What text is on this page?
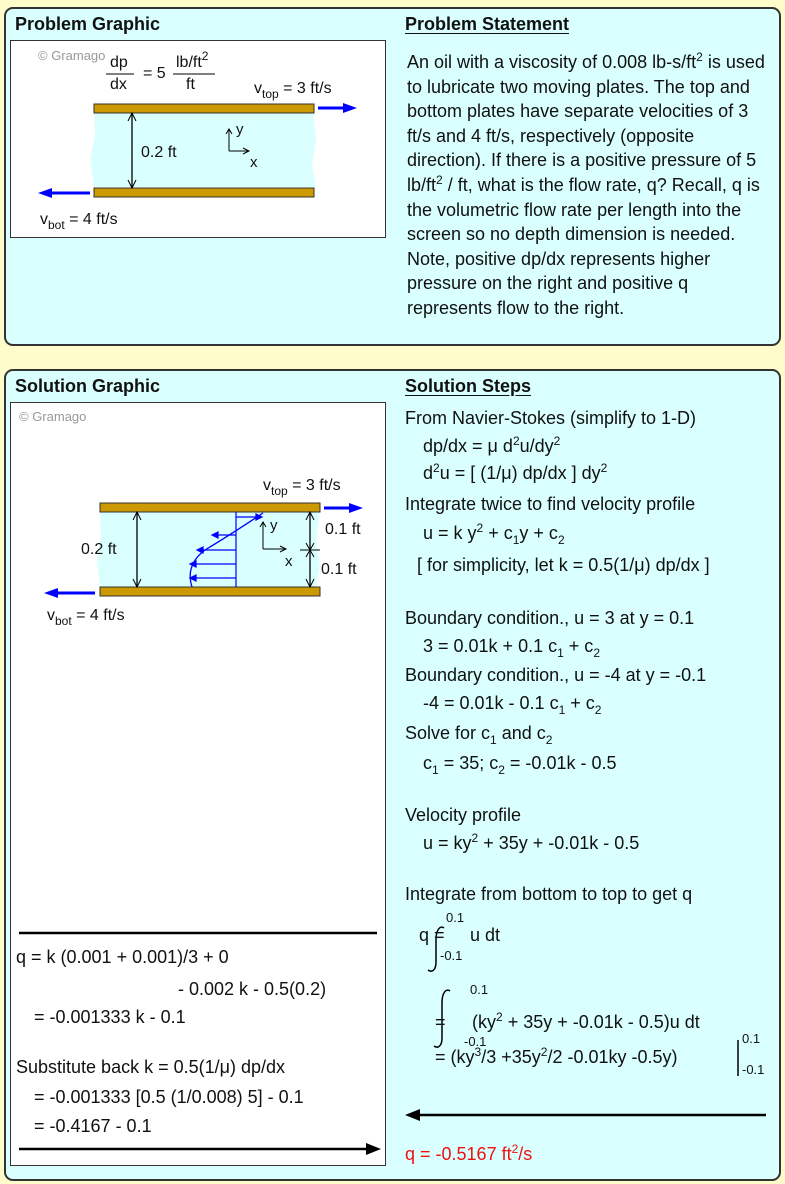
Problem Graphic
© Gramago dp
dx
= 5
$lb/ft^2$
ft	$v_{top} = 3$ ft/s
$v_{bot} = 4$ ft/s
0.2 ft
y
x
Problem Statement
An oil with a viscosity of 0.008 $lb-s/ft^2$ is used to lubricate two moving plates. The top and bottom plates have separate velocities of 3 ft/s and 4 ft/s, respectively (opposite direction). If there is a positive pressure of 5 $lb/ft^2$ / ft, what is the flow rate, q? Recall, q is the volumetric flow rate per length into the screen so no depth dimension is needed. Note, positive dp/dx represents higher pressure on the right and positive q represents flow to the right.
Solution Graphic
© Gramago
$v_{top} = 3$ ft/s
$v_{bot} = 4$ ft/s
0.2 ft
0.1 ft
0.1 ft
y
x
q = k (0.001 + 0.001)/3 + 0
- 0.002 k - 0.5(0.2)
= -0.001333 k - 0.1
Substitute back k = 0.5(1/μ) dp/dx
= -0.001333 [0.5 (1/0.008) 5] - 0.1
= -0.4167 - 0.1
Solution Steps
From Navier-Stokes (simplify to 1-D)
dp/dx = μ $d^2u/dy^2$
$d^2u$ = [ (1/μ) dp/dx ] $dy^2$
Integrate twice to find velocity profile
u = k $y^2 + c_1y + c_2$
[ for simplicity, let k = 0.5(1/μ) dp/dx ]
Boundary condition., u = 3 at y = 0.1
3 = 0.01k + 0.1 $c_1 + c_2$
Boundary condition., u = -4 at y = -0.1
-4 = 0.01k - 0.1 $c_1 + c_2$
Solve for $c_1$ and $c_2$
$c_1 = 35$; $c_2 = -0.01k - 0.5$
Velocity profile
$u = ky^2 + 35y + -0.01k - 0.5$
Integrate from bottom to top to get q
q = u dt
0.1
-0.1
= $(ky^2 + 35y + -0.01k - 0.5)u$ dt
0.1
-0.1
= ($ky^3/3 +35y^2/2$ -0.01ky -0.5y)
0.1
-0.1
q = -0.5167 $ft^2/s$
